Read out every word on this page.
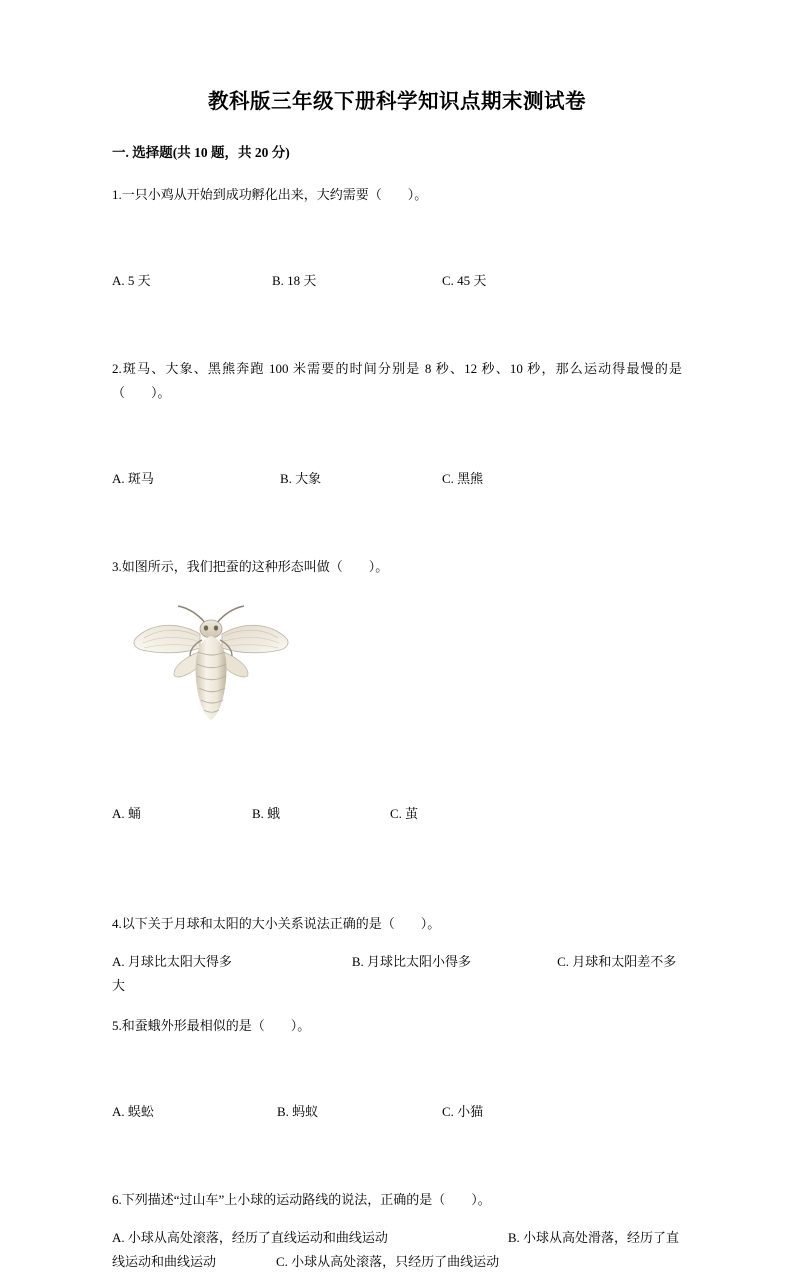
教科版三年级下册科学知识点期末测试卷
一. 选择题(共 10 题，共 20 分)
1.一只小鸡从开始到成功孵化出来，大约需要（　　）。

A. 5 天

	B. 18 天

	C. 45 天

2.斑马、大象、黑熊奔跑 100 米需要的时间分别是 8 秒、12 秒、10 秒，那么运动得最慢的是（　　）。

A. 斑马

	B. 大象

	C. 黑熊

3.如图所示，我们把蚕的这种形态叫做（　　）。

A. 蛹

	B. 蛾

	C. 茧

4.以下关于月球和太阳的大小关系说法正确的是（　　）。
A. 月球比太阳大得多	B. 月球比太阳小得多	C. 月球和太阳差不多大
5.和蚕蛾外形最相似的是（　　）。

A. 蜈蚣

	B. 蚂蚁

	C. 小猫

6.下列描述“过山车”上小球的运动路线的说法，正确的是（　　）。
A. 小球从高处滚落，经历了直线运动和曲线运动	B. 小球从高处滑落，经历了直线运动和曲线运动	C. 小球从高处滚落，只经历了曲线运动
